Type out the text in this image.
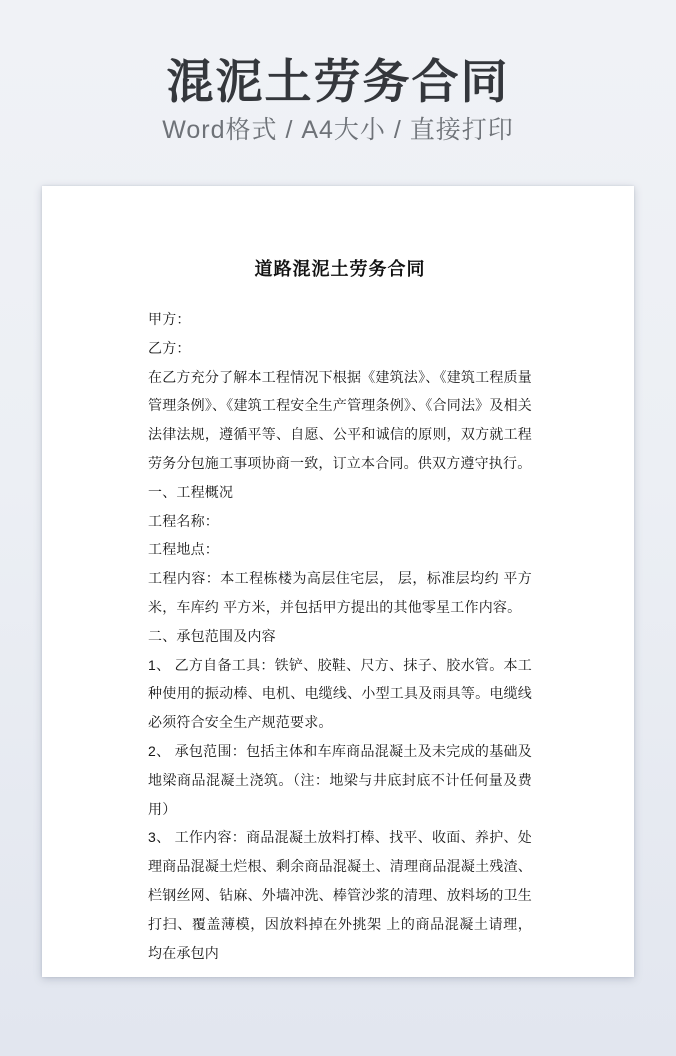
混泥土劳务合同
Word格式 / A4大小 / 直接打印
道路混泥土劳务合同

甲方：

乙方：

在乙方充分了解本工程情况下根据《建筑法》、《建筑工程质量管理条例》、《建筑工程安全生产管理条例》、《合同法》及相关法律法规，遵循平等、自愿、公平和诚信的原则，双方就工程劳务分包施工事项协商一致，订立本合同。供双方遵守执行。

一、工程概况

工程名称：

工程地点：

工程内容：本工程栋楼为高层住宅层， 层，标准层均约 平方米，车库约 平方米，并包括甲方提出的其他零星工作内容。

二、承包范围及内容

1、 乙方自备工具：铁铲、胶鞋、尺方、抹子、胶水管。本工种使用的振动棒、电机、电缆线、小型工具及雨具等。电缆线必须符合安全生产规范要求。

2、 承包范围：包括主体和车库商品混凝土及未完成的基础及地梁商品混凝土浇筑。（注：地梁与井底封底不计任何量及费用）

3、 工作内容：商品混凝土放料打棒、找平、收面、养护、处理商品混凝土烂根、剩余商品混凝土、清理商品混凝土残渣、栏钢丝网、钻麻、外墙冲洗、棒管沙浆的清理、放料场的卫生打扫、覆盖薄模，因放料掉在外挑架 上的商品混凝土请理，均在承包内
